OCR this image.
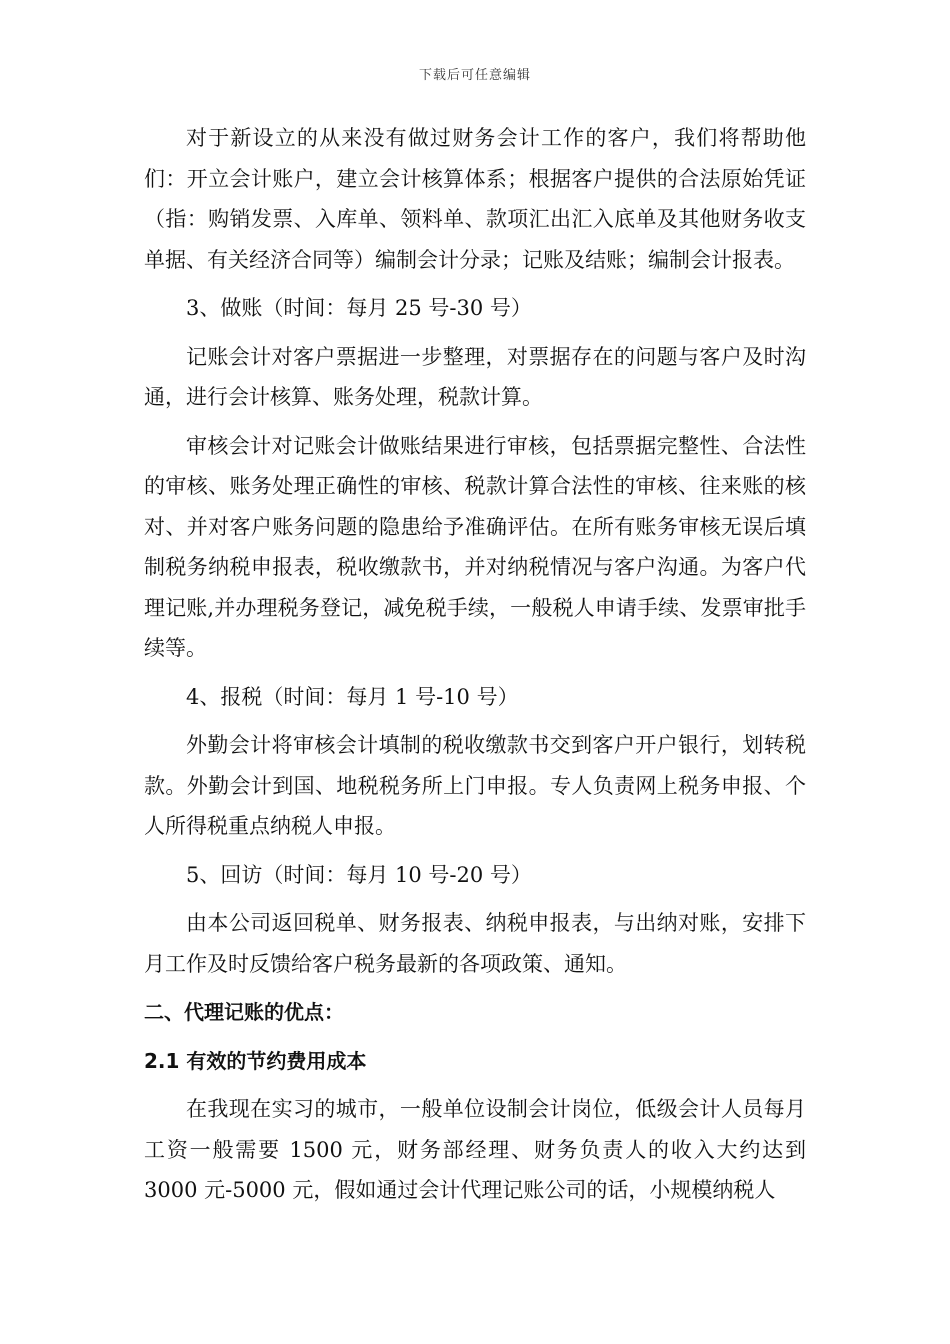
下载后可任意编辑

对于新设立的从来没有做过财务会计工作的客户，我们将帮助他们：开立会计账户，建立会计核算体系；根据客户提供的合法原始凭证（指：购销发票、入库单、领料单、款项汇出汇入底单及其他财务收支单据、有关经济合同等）编制会计分录；记账及结账；编制会计报表。

3、做账（时间：每月 25 号-30 号）

记账会计对客户票据进一步整理，对票据存在的问题与客户及时沟通，进行会计核算、账务处理，税款计算。

审核会计对记账会计做账结果进行审核，包括票据完整性、合法性的审核、账务处理正确性的审核、税款计算合法性的审核、往来账的核对、并对客户账务问题的隐患给予准确评估。在所有账务审核无误后填制税务纳税申报表，税收缴款书，并对纳税情况与客户沟通。为客户代理记账,并办理税务登记，减免税手续，一般税人申请手续、发票审批手续等。

4、报税（时间：每月 1 号-10 号）

外勤会计将审核会计填制的税收缴款书交到客户开户银行，划转税款。外勤会计到国、地税税务所上门申报。专人负责网上税务申报、个人所得税重点纳税人申报。

5、回访（时间：每月 10 号-20 号）

由本公司返回税单、财务报表、纳税申报表，与出纳对账，安排下月工作及时反馈给客户税务最新的各项政策、通知。

二、代理记账的优点：

2.1 有效的节约费用成本

在我现在实习的城市，一般单位设制会计岗位，低级会计人员每月工资一般需要 1500 元，财务部经理、财务负责人的收入大约达到 3000 元-5000 元，假如通过会计代理记账公司的话，小规模纳税人
